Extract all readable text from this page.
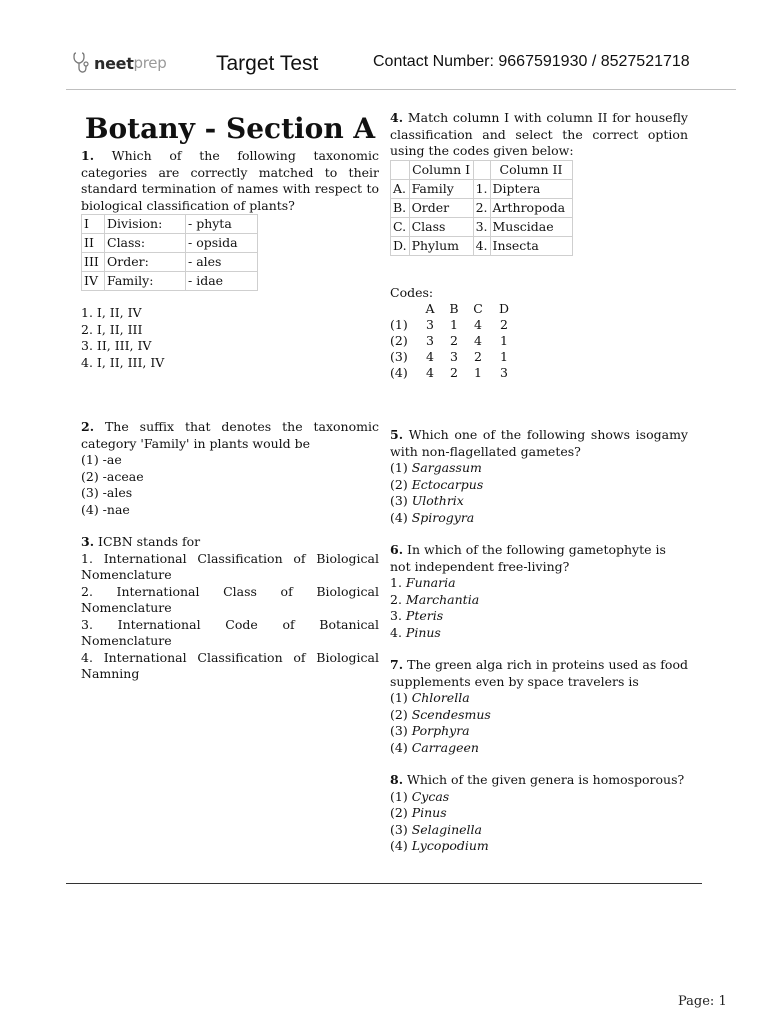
neet prep Target Test	Contact Number: 9667591930 / 8527521718
Botany - Section A

1. Which of the following taxonomic categories are correctly matched to their standard termination of names with respect to biological classification of plants?

I	Division:	- phyta
II	Class:	- opsida
III	Order:	- ales
IV	Family:	- idae

1. I, II, IV

2. I, II, III

3. II, III, IV

4. I, II, III, IV

2. The suffix that denotes the taxonomic category 'Family' in plants would be

(1) -ae

(2) -aceae

(3) -ales

(4) -nae

3. ICBN stands for

1. International Classification of Biological Nomenclature

2. International Class of Biological Nomenclature

3. International Code of Botanical Nomenclature

4. International Classification of Biological Namning

4. Match column I with column II for housefly classification and select the correct option using the codes given below:

	Column I		Column II
A.	Family	1.	Diptera
B.	Order	2.	Arthropoda
C.	Class	3.	Muscidae
D.	Phylum	4.	Insecta

Codes:

	A	B	C	D
(1)	3	1	4	2
(2)	3	2	4	1
(3)	4	3	2	1
(4)	4	2	1	3

5. Which one of the following shows isogamy with non-flagellated gametes?

(1) Sargassum

(2) Ectocarpus

(3) Ulothrix

(4) Spirogyra

6. In which of the following gametophyte is not independent free-living?

1. Funaria

2. Marchantia

3. Pteris

4. Pinus

7. The green alga rich in proteins used as food supplements even by space travelers is

(1) Chlorella

(2) Scendesmus

(3) Porphyra

(4) Carrageen

8. Which of the given genera is homosporous?

(1) Cycas

(2) Pinus

(3) Selaginella

(4) Lycopodium

Page: 1
